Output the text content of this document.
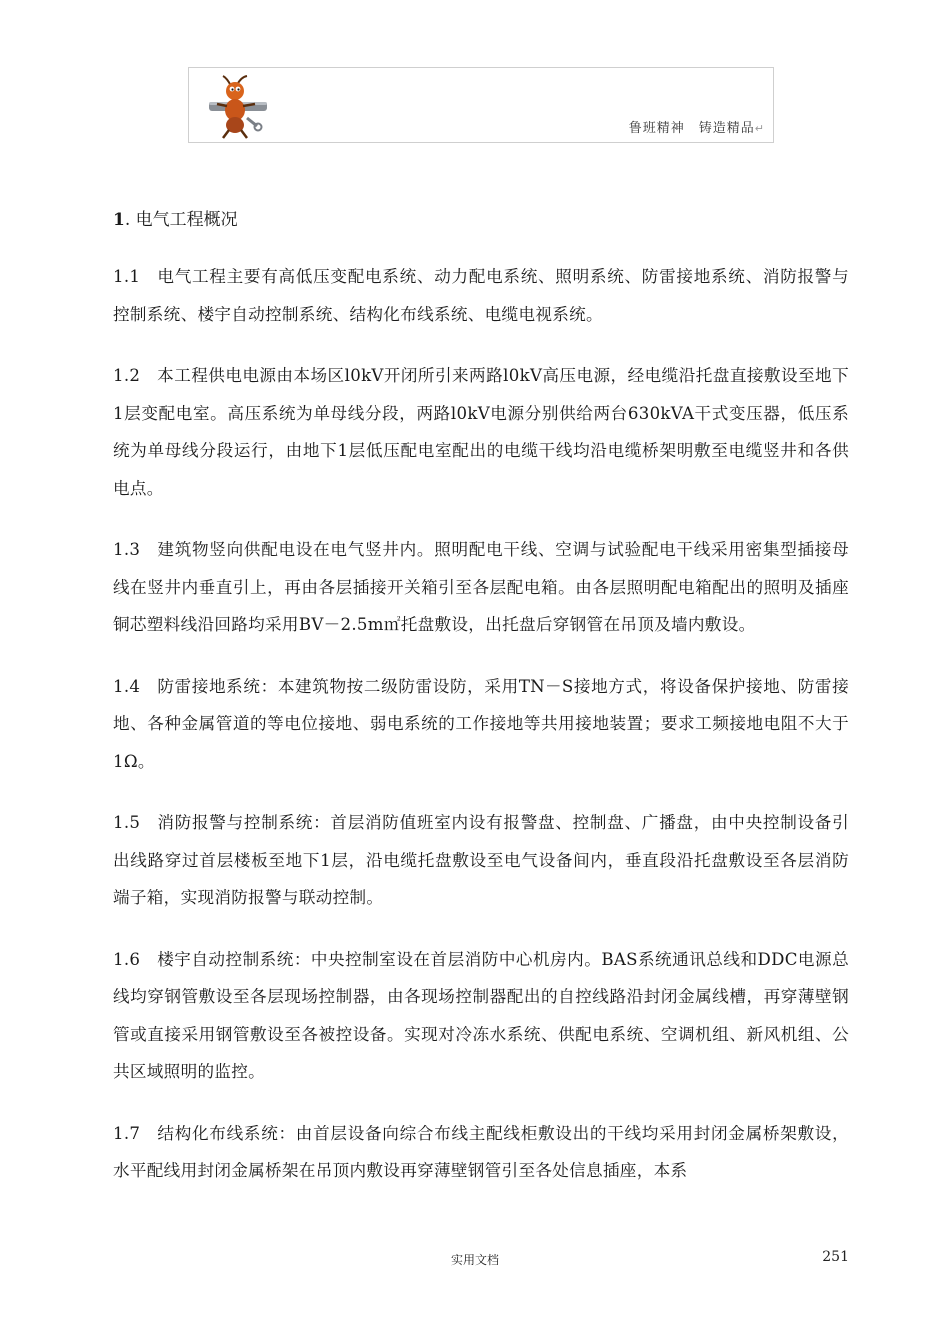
鲁班精神　铸造精品↵
1. 电气工程概况

1.1 电气工程主要有高低压变配电系统、动力配电系统、照明系统、防雷接地系统、消防报警与控制系统、楼宇自动控制系统、结构化布线系统、电缆电视系统。

1.2 本工程供电电源由本场区l0kV开闭所引来两路l0kV高压电源，经电缆沿托盘直接敷设至地下1层变配电室。高压系统为单母线分段，两路l0kV电源分别供给两台630kVA干式变压器，低压系统为单母线分段运行，由地下1层低压配电室配出的电缆干线均沿电缆桥架明敷至电缆竖井和各供电点。

1.3 建筑物竖向供配电设在电气竖井内。照明配电干线、空调与试验配电干线采用密集型插接母线在竖井内垂直引上，再由各层插接开关箱引至各层配电箱。由各层照明配电箱配出的照明及插座铜芯塑料线沿回路均采用BV－2.5m㎡托盘敷设，出托盘后穿钢管在吊顶及墙内敷设。

1.4 防雷接地系统：本建筑物按二级防雷设防，采用TN－S接地方式，将设备保护接地、防雷接地、各种金属管道的等电位接地、弱电系统的工作接地等共用接地装置；要求工频接地电阻不大于1Ω。

1.5 消防报警与控制系统：首层消防值班室内设有报警盘、控制盘、广播盘，由中央控制设备引出线路穿过首层楼板至地下1层，沿电缆托盘敷设至电气设备间内，垂直段沿托盘敷设至各层消防端子箱，实现消防报警与联动控制。

1.6 楼宇自动控制系统：中央控制室设在首层消防中心机房内。BAS系统通讯总线和DDC电源总线均穿钢管敷设至各层现场控制器，由各现场控制器配出的自控线路沿封闭金属线槽，再穿薄壁钢管或直接采用钢管敷设至各被控设备。实现对冷冻水系统、供配电系统、空调机组、新风机组、公共区域照明的监控。

1.7 结构化布线系统：由首层设备向综合布线主配线柜敷设出的干线均采用封闭金属桥架敷设，水平配线用封闭金属桥架在吊顶内敷设再穿薄壁钢管引至各处信息插座，本系

实用文档	251
